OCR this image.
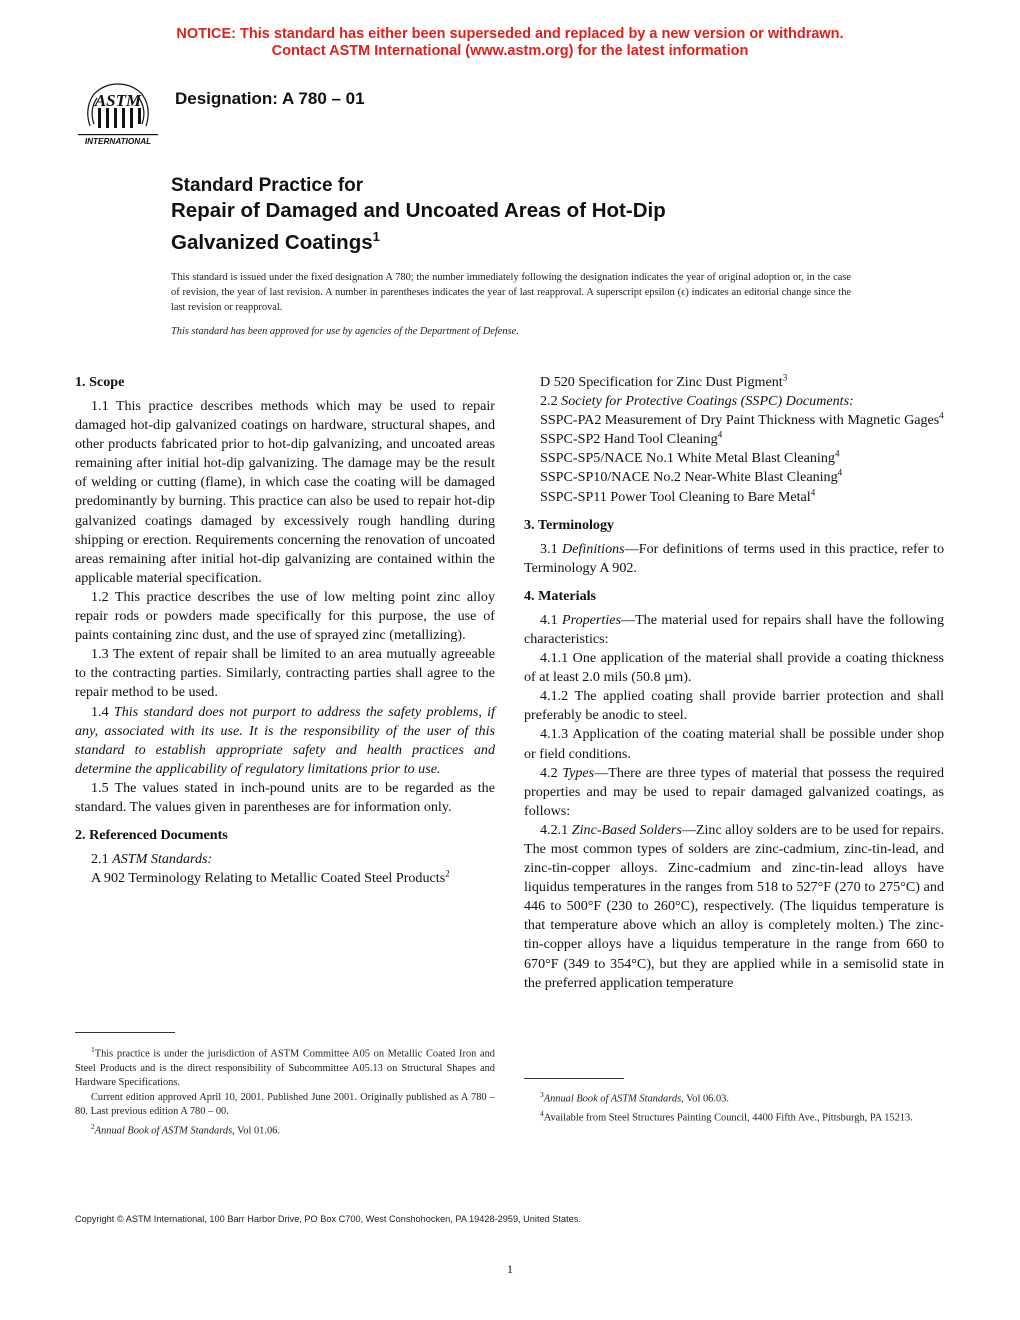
NOTICE: This standard has either been superseded and replaced by a new version or withdrawn.
Contact ASTM International (www.astm.org) for the latest information
ASTM
INTERNATIONAL
Designation: A 780 – 01
Standard Practice for
Repair of Damaged and Uncoated Areas of Hot-Dip
Galvanized Coatings$^1$
This standard is issued under the fixed designation A 780; the number immediately following the designation indicates the year of original adoption or, in the case of revision, the year of last revision. A number in parentheses indicates the year of last reapproval. A superscript epsilon (ϵ) indicates an editorial change since the last revision or reapproval.
This standard has been approved for use by agencies of the Department of Defense.
1. Scope

1.1 This practice describes methods which may be used to repair damaged hot-dip galvanized coatings on hardware, structural shapes, and other products fabricated prior to hot-dip galvanizing, and uncoated areas remaining after initial hot-dip galvanizing. The damage may be the result of welding or cutting (flame), in which case the coating will be damaged predominantly by burning. This practice can also be used to repair hot-dip galvanized coatings damaged by excessively rough handling during shipping or erection. Requirements concerning the renovation of uncoated areas remaining after initial hot-dip galvanizing are contained within the applicable material specification.

1.2 This practice describes the use of low melting point zinc alloy repair rods or powders made specifically for this purpose, the use of paints containing zinc dust, and the use of sprayed zinc (metallizing).

1.3 The extent of repair shall be limited to an area mutually agreeable to the contracting parties. Similarly, contracting parties shall agree to the repair method to be used.

1.4 This standard does not purport to address the safety problems, if any, associated with its use. It is the responsibility of the user of this standard to establish appropriate safety and health practices and determine the applicability of regulatory limitations prior to use.

1.5 The values stated in inch-pound units are to be regarded as the standard. The values given in parentheses are for information only.

2. Referenced Documents
2.1 ASTM Standards:
A 902 Terminology Relating to Metallic Coated Steel Products$^2$
D 520 Specification for Zinc Dust Pigment$^3$
2.2 Society for Protective Coatings (SSPC) Documents:
SSPC-PA2 Measurement of Dry Paint Thickness with Magnetic Gages$^4$
SSPC-SP2 Hand Tool Cleaning$^4$
SSPC-SP5/NACE No.1 White Metal Blast Cleaning$^4$
SSPC-SP10/NACE No.2 Near-White Blast Cleaning$^4$
SSPC-SP11 Power Tool Cleaning to Bare Metal$^4$
3. Terminology

3.1 Definitions—For definitions of terms used in this practice, refer to Terminology A 902.

4. Materials

4.1 Properties—The material used for repairs shall have the following characteristics:

4.1.1 One application of the material shall provide a coating thickness of at least 2.0 mils (50.8 µm).

4.1.2 The applied coating shall provide barrier protection and shall preferably be anodic to steel.

4.1.3 Application of the coating material shall be possible under shop or field conditions.

4.2 Types—There are three types of material that possess the required properties and may be used to repair damaged galvanized coatings, as follows:

4.2.1 Zinc-Based Solders—Zinc alloy solders are to be used for repairs. The most common types of solders are zinc-cadmium, zinc-tin-lead, and zinc-tin-copper alloys. Zinc-cadmium and zinc-tin-lead alloys have liquidus temperatures in the ranges from 518 to 527°F (270 to 275°C) and 446 to 500°F (230 to 260°C), respectively. (The liquidus temperature is that temperature above which an alloy is completely molten.) The zinc-tin-copper alloys have a liquidus temperature in the range from 660 to 670°F (349 to 354°C), but they are applied while in a semisolid state in the preferred application temperature

$^1$This practice is under the jurisdiction of ASTM Committee A05 on Metallic Coated Iron and Steel Products and is the direct responsibility of Subcommittee A05.13 on Structural Shapes and Hardware Specifications.

Current edition approved April 10, 2001. Published June 2001. Originally published as A 780 – 80. Last previous edition A 780 – 00.

$^2$Annual Book of ASTM Standards, Vol 01.06.

$^3$Annual Book of ASTM Standards, Vol 06.03.

$^4$Available from Steel Structures Painting Council, 4400 Fifth Ave., Pittsburgh, PA 15213.

Copyright © ASTM International, 100 Barr Harbor Drive, PO Box C700, West Conshohocken, PA 19428-2959, United States.
1
